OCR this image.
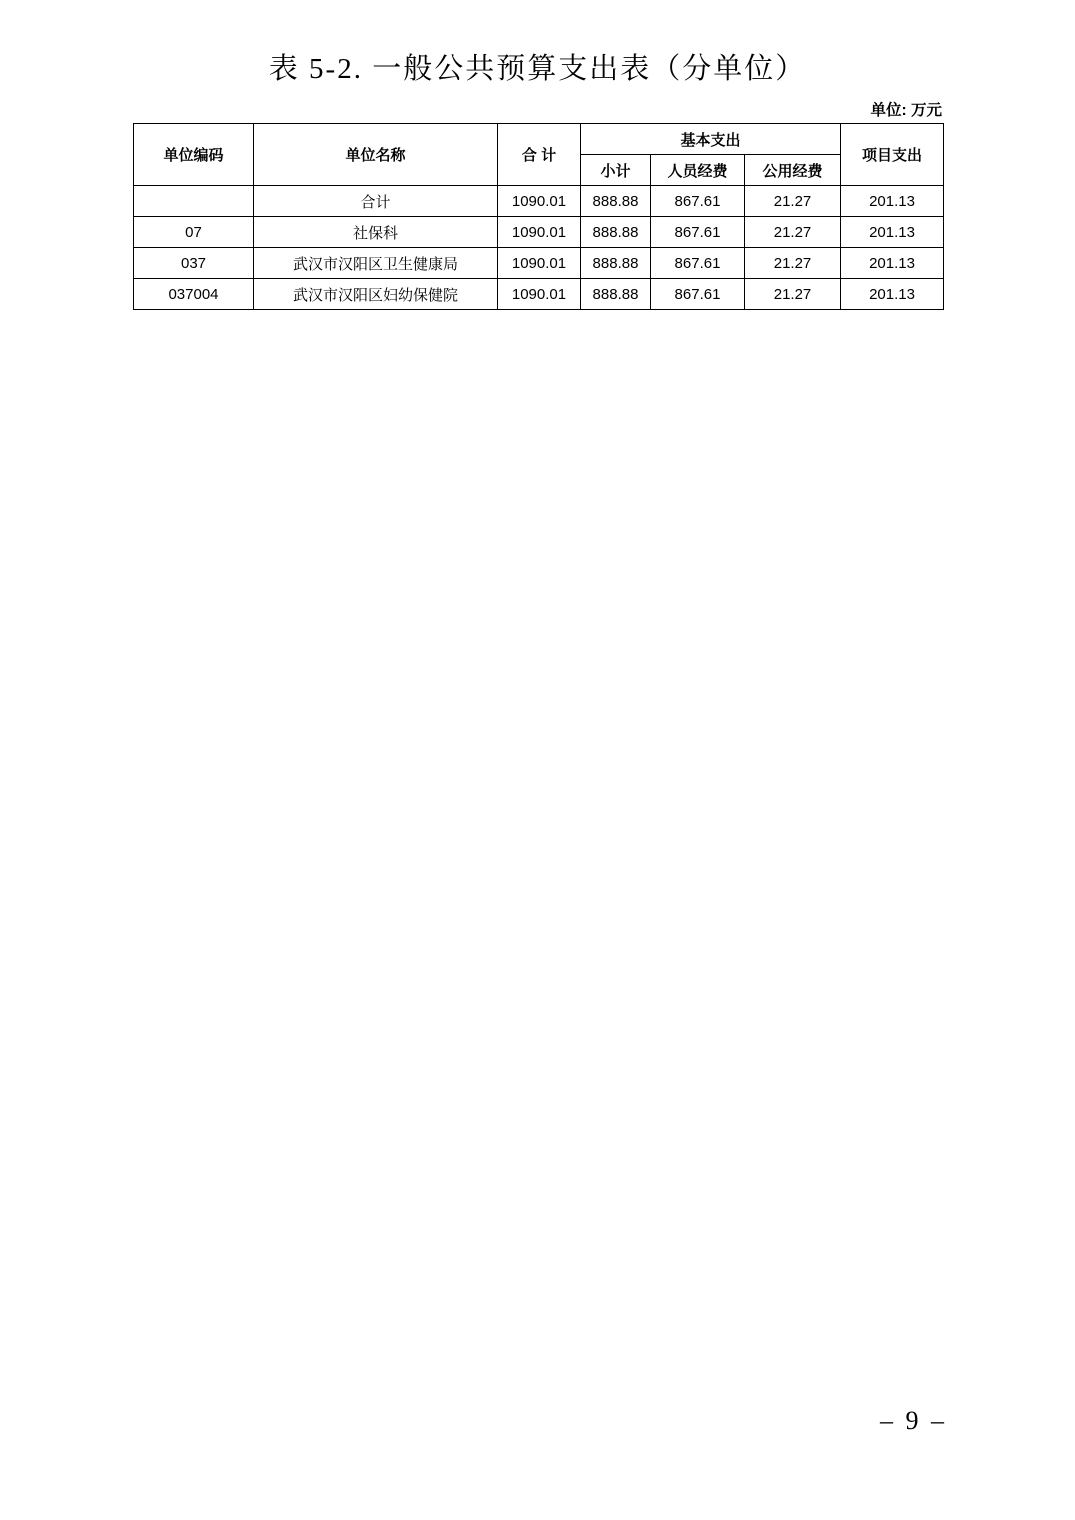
表 5-2. 一般公共预算支出表（分单位）
单位: 万元
单位编码	单位名称	合 计	基本支出			项目支出
			小计	人员经费	公用经费	
	合计	1090.01	888.88	867.61	21.27	201.13
07	社保科	1090.01	888.88	867.61	21.27	201.13
037	武汉市汉阳区卫生健康局	1090.01	888.88	867.61	21.27	201.13
037004	武汉市汉阳区妇幼保健院	1090.01	888.88	867.61	21.27	201.13
– 9 –
